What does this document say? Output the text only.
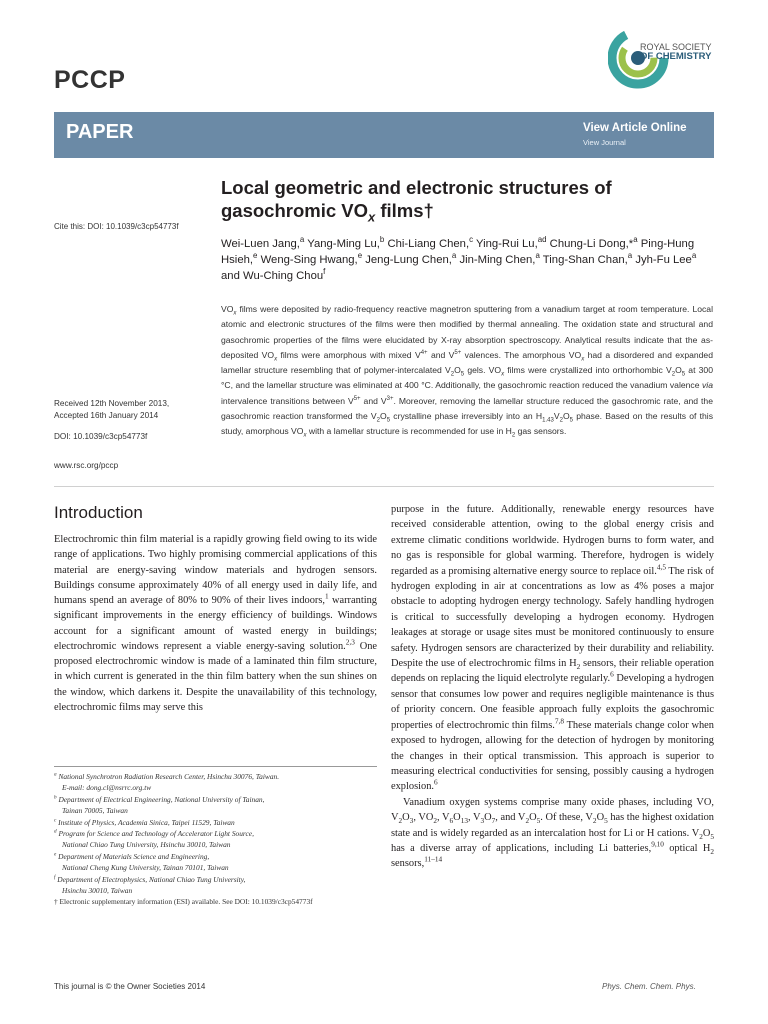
PCCP
ROYAL SOCIETY
OF CHEMISTRY
PAPER	View Article Online
View Journal
Local geometric and electronic structures of gasochromic $VO_x$ films†
Cite this: DOI: 10.1039/c3cp54773f
Wei-Luen Jang,$^a$ Yang-Ming Lu,$^b$ Chi-Liang Chen,$^c$ Ying-Rui Lu,$^{ad}$ Chung-Li Dong,*$^a$ Ping-Hung Hsieh,$^e$ Weng-Sing Hwang,$^e$ Jeng-Lung Chen,$^a$ Jin-Ming Chen,$^a$ Ting-Shan Chan,$^a$ Jyh-Fu Lee$^a$ and Wu-Ching Chou$^f$
$VO_x$ films were deposited by radio-frequency reactive magnetron sputtering from a vanadium target at room temperature. Local atomic and electronic structures of the films were then modified by thermal annealing. The oxidation state and structural and gasochromic properties of the films were elucidated by X-ray absorption spectroscopy. Analytical results indicate that the as-deposited $VO_x$ films were amorphous with mixed $V^{4+}$ and $V^{5+}$ valences. The amorphous $VO_x$ had a disordered and expanded lamellar structure resembling that of polymer-intercalated $V_2O_5$ gels. $VO_x$ films were crystallized into orthorhombic $V_2O_5$ at 300 °C, and the lamellar structure was eliminated at 400 °C. Additionally, the gasochromic reaction reduced the vanadium valence via intervalence transitions between $V^{5+}$ and $V^{3+}$. Moreover, removing the lamellar structure reduced the gasochromic rate, and the gasochromic reaction transformed the $V_2O_5$ crystalline phase irreversibly into an $H_{1.43}V_2O_5$ phase. Based on the results of this study, amorphous $VO_x$ with a lamellar structure is recommended for use in $H_2$ gas sensors.
Received 12th November 2013,
Accepted 16th January 2014
DOI: 10.1039/c3cp54773f
www.rsc.org/pccp
Introduction

Electrochromic thin film material is a rapidly growing field owing to its wide range of applications. Two highly promising commercial applications of this material are energy-saving window materials and hydrogen sensors. Buildings consume approximately 40% of all energy used in daily life, and humans spend an average of 80% to 90% of their lives indoors,$^1$ warranting significant improvements in the energy efficiency of buildings. Windows account for a significant amount of wasted energy in buildings; electrochromic windows represent a viable energy-saving solution.$^{2,3}$ One proposed electrochromic window is made of a laminated thin film structure, in which current is generated in the thin film battery when the sun shines on the window, which darkens it. Despite the unavailability of this technology, electrochromic films may serve this

$^a$ National Synchrotron Radiation Research Center, Hsinchu 30076, Taiwan.
E-mail: dong.cl@nsrrc.org.tw
$^b$ Department of Electrical Engineering, National University of Tainan,
Tainan 70005, Taiwan
$^c$ Institute of Physics, Academia Sinica, Taipei 11529, Taiwan
$^d$ Program for Science and Technology of Accelerator Light Source,
National Chiao Tung University, Hsinchu 30010, Taiwan
$^e$ Department of Materials Science and Engineering,
National Cheng Kung University, Tainan 70101, Taiwan
$^f$ Department of Electrophysics, National Chiao Tung University,
Hsinchu 30010, Taiwan
† Electronic supplementary information (ESI) available. See DOI: 10.1039/c3cp54773f

purpose in the future. Additionally, renewable energy resources have received considerable attention, owing to the global energy crisis and extreme climatic conditions worldwide. Hydrogen burns to form water, and no gas is responsible for global warming. Therefore, hydrogen is widely regarded as a promising alternative energy source to replace oil.$^{4,5}$ The risk of hydrogen exploding in air at concentrations as low as 4% poses a major obstacle to adopting hydrogen energy technology. Safely handling hydrogen is critical to successfully developing a hydrogen economy. Hydrogen leakages at storage or usage sites must be monitored continuously to ensure safety. Hydrogen sensors are characterized by their durability and reliability. Despite the use of electrochromic films in $H_2$ sensors, their reliable operation depends on replacing the liquid electrolyte regularly.$^6$ Developing a hydrogen sensor that consumes low power and requires negligible maintenance is thus of priority concern. One feasible approach fully exploits the gasochromic properties of electrochromic thin films.$^{7,8}$ These materials change color when exposed to hydrogen, allowing for the detection of hydrogen by monitoring the changes in their optical transmission. This approach is superior to measuring electrical conductivities for sensing, possibly causing a hydrogen explosion.$^6$

Vanadium oxygen systems comprise many oxide phases, including VO, $V_2O_3$, $VO_2$, $V_6O_{13}$, $V_3O_7$, and $V_2O_5$. Of these, $V_2O_5$ has the highest oxidation state and is widely regarded as an intercalation host for Li or H cations. $V_2O_5$ has a diverse array of applications, including Li batteries,$^{9,10}$ optical $H_2$ sensors,$^{11-14}$

This journal is © the Owner Societies 2014	Phys. Chem. Chem. Phys.
